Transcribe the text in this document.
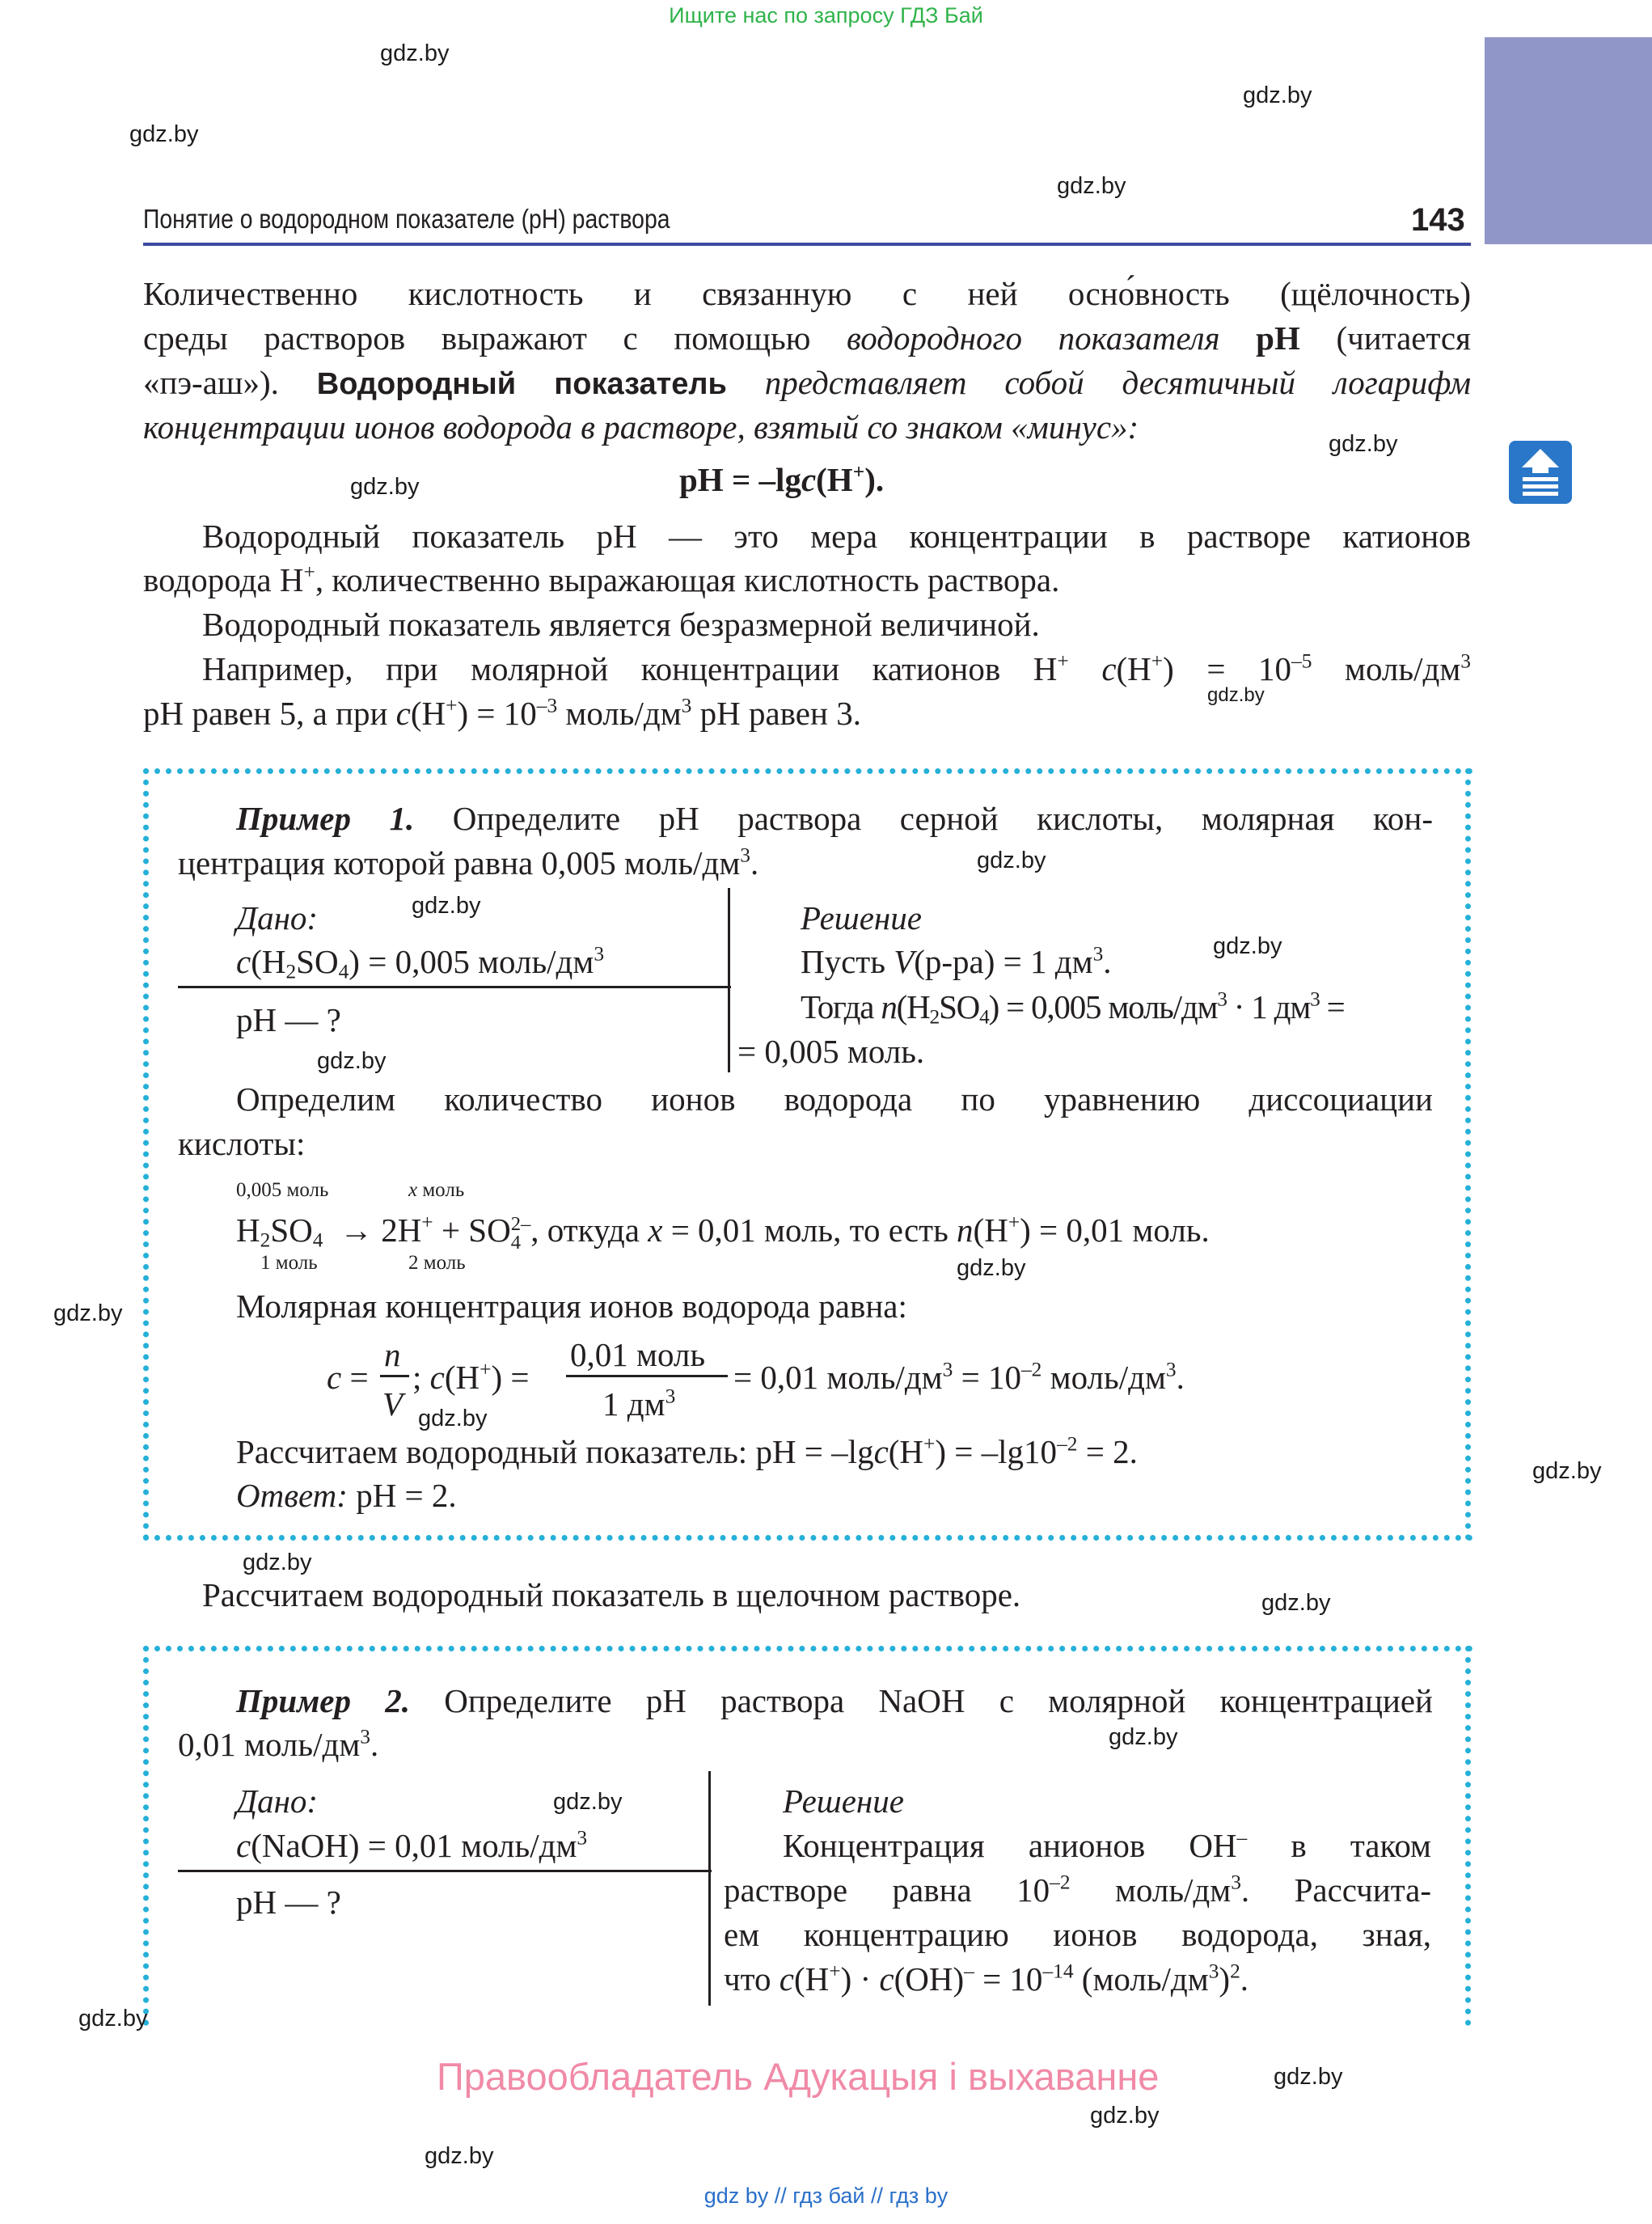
Ищите нас по запросу ГДЗ Бай
Понятие о водородном показателе (pH) раствора	143
Количественно кислотность и связанную с ней осно́вность (щёлочность)
среды растворов выражают с помощью водородного показателя pH (читается
«пэ-аш»). Водородный показатель представляет собой десятичный логарифм
концентрации ионов водорода в растворе, взятый со знаком «минус»:
pH = –lgc(H+).
Водородный показатель pH — это мера концентрации в растворе катионов
водорода H+, количественно выражающая кислотность раствора.
Водородный показатель является безразмерной величиной.
Например, при молярной концентрации катионов H+ $c(H^+) = 10^{-5}$ моль/$дм^3$
pH равен 5, а при $c(H^+) = 10^{-3}$ моль/$дм^3$ pH равен 3.
Пример 1. Определите pH раствора серной кислоты, молярная кон-
центрация которой равна 0,005 моль/$дм^3$.
Дано:
$c(H_2SO_4) = 0,005$ моль/$дм^3$
pH — ?
Решение
Пусть V(р-ра) = 1 $дм^3$.
Тогда $n(H_2SO_4) = 0,005$ моль/$дм^3 \cdot 1$ $дм^3$ =
= 0,005 моль.
Определим количество ионов водорода по уравнению диссоциации
кислоты:
0,005 моль	x моль
$H_2SO_4 \to 2H^+$ + SO 2–
4 , откуда x = 0,01 моль, то есть n(H+) = 0,01 моль.
1 моль	2 моль
Молярная концентрация ионов водорода равна:
c =
n
V
; c(H+) =
0,01 моль
1 $дм^3$
= 0,01 моль/$дм^3 = 10^{-2}$ моль/$дм^3$.
Рассчитаем водородный показатель: pH = $-\lg c(H^+) = -\lg 10^{-2} = 2$.
Ответ: pH = 2.
Рассчитаем водородный показатель в щелочном растворе.
Пример 2. Определите pH раствора NaOH с молярной концентрацией
0,01 моль/$дм^3$.
Дано:
c(NaOH) = 0,01 моль/$дм^3$
pH — ?
Решение
Концентрация анионов OH– в таком
растворе равна $10^{-2}$ моль/$дм^3$. Рассчита-
ем концентрацию ионов водорода, зная,
что $c(H^+) \cdot c(OH)^- = 10^{-14}$ $(моль/дм^3)^2$.
Правообладатель Адукацыя і выхаванне
gdz by // гдз бай // гдз by
gdz.by
gdz.by
gdz.by
gdz.by
gdz.by
gdz.by
gdz.by
gdz.by
gdz.by
gdz.by
gdz.by
gdz.by
gdz.by
gdz.by
gdz.by
gdz.by
gdz.by
gdz.by
gdz.by
gdz.by
gdz.by
gdz.by
gdz.by
